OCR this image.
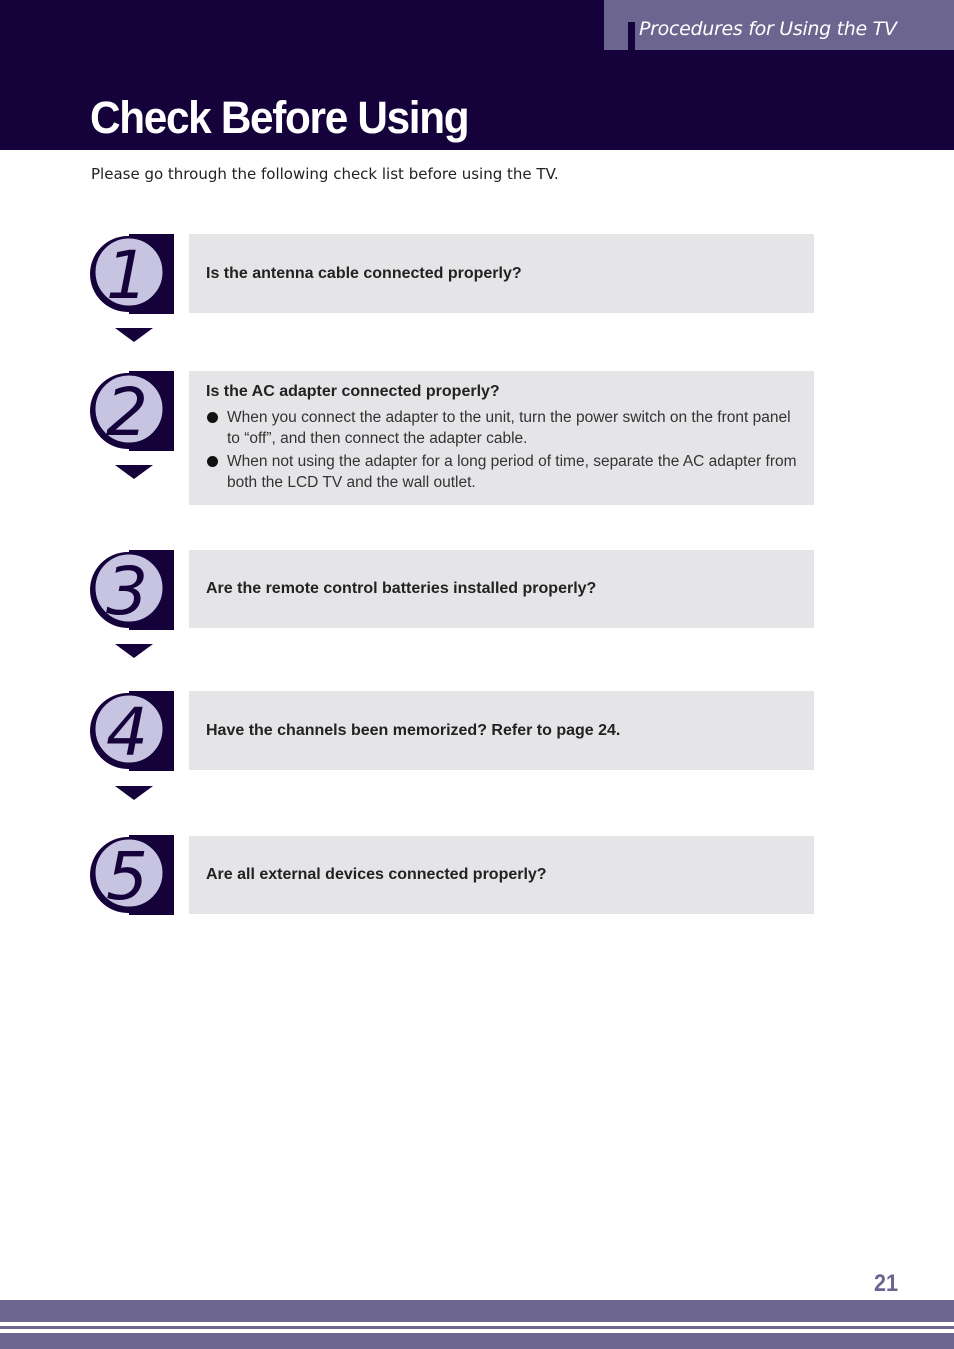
Procedures for Using the TV
Check Before Using
Please go through the following check list before using the TV.
1	Is the antenna cable connected properly?
2	Is the AC adapter connected properly?
When you connect the adapter to the unit, turn the power switch on the front panel to “off”, and then connect the adapter cable.
When not using the adapter for a long period of time, separate the AC adapter from both the LCD TV and the wall outlet.
3	Are the remote control batteries installed properly?
4	Have the channels been memorized? Refer to page 24.
5	Are all external devices connected properly?
21
